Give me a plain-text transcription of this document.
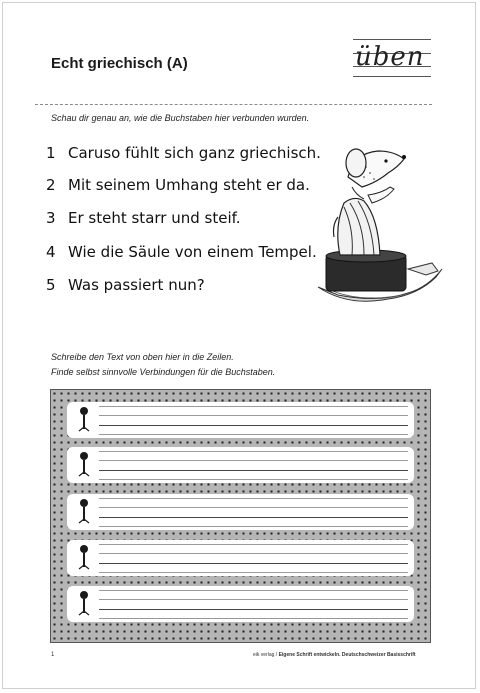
Echt griechisch (A)	üben
Schau dir genau an, wie die Buchstaben hier verbunden wurden.
1 Caruso fühlt sich ganz griechisch.
2 Mit seinem Umhang steht er da.
3 Er steht starr und steif.
4 Wie die Säule von einem Tempel.
5 Was passiert nun?
Schreibe den Text von oben hier in die Zeilen.
Finde selbst sinnvolle Verbindungen für die Buchstaben.
1	eik verlag / Eigene Schrift entwickeln. Deutschschweizer Basisschrift
